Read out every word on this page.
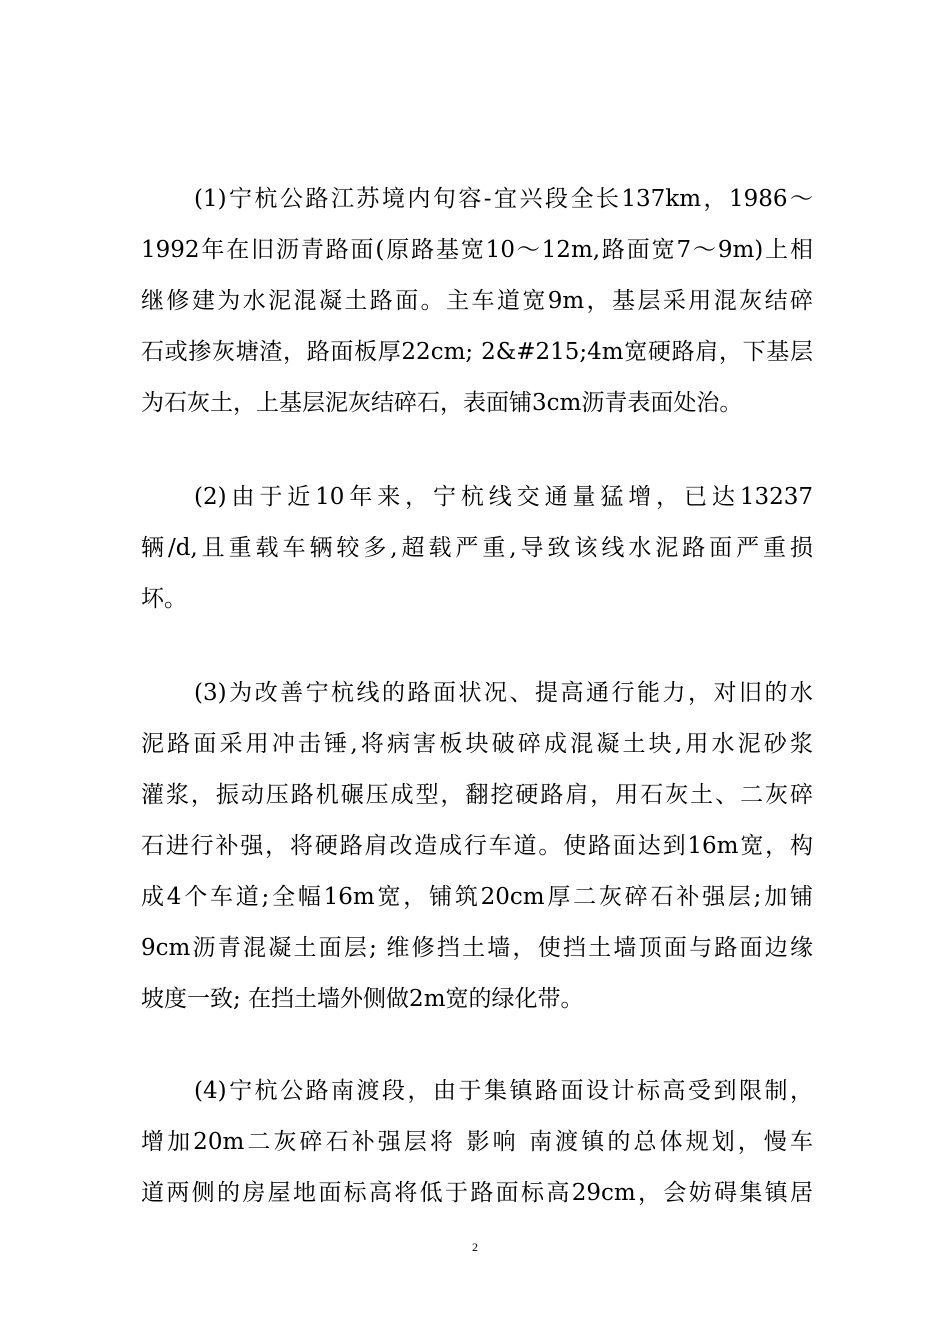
(1)宁杭公路江苏境内句容-宜兴段全长137km，1986～
1992年在旧沥青路面(原路基宽10～12m,路面宽7～9m)上相
继修建为水泥混凝土路面。主车道宽9m，基层采用混灰结碎
石或掺灰塘渣，路面板厚22cm; 2&#215;4m宽硬路肩，下基层
为石灰土，上基层泥灰结碎石，表面铺3cm沥青表面处治。
(2)由于近10年来，宁杭线交通量猛增，已达13237
辆/d,且重载车辆较多,超载严重,导致该线水泥路面严重损
坏。
(3)为改善宁杭线的路面状况、提高通行能力，对旧的水
泥路面采用冲击锤,将病害板块破碎成混凝土块,用水泥砂浆
灌浆，振动压路机碾压成型，翻挖硬路肩，用石灰土、二灰碎
石进行补强，将硬路肩改造成行车道。使路面达到16m宽，构
成4个车道;全幅16m宽，铺筑20cm厚二灰碎石补强层;加铺
9cm沥青混凝土面层; 维修挡土墙，使挡土墙顶面与路面边缘
坡度一致; 在挡土墙外侧做2m宽的绿化带。
(4)宁杭公路南渡段，由于集镇路面设计标高受到限制，
增加20m二灰碎石补强层将 影响 南渡镇的总体规划，慢车
道两侧的房屋地面标高将低于路面标高29cm，会妨碍集镇居
2
